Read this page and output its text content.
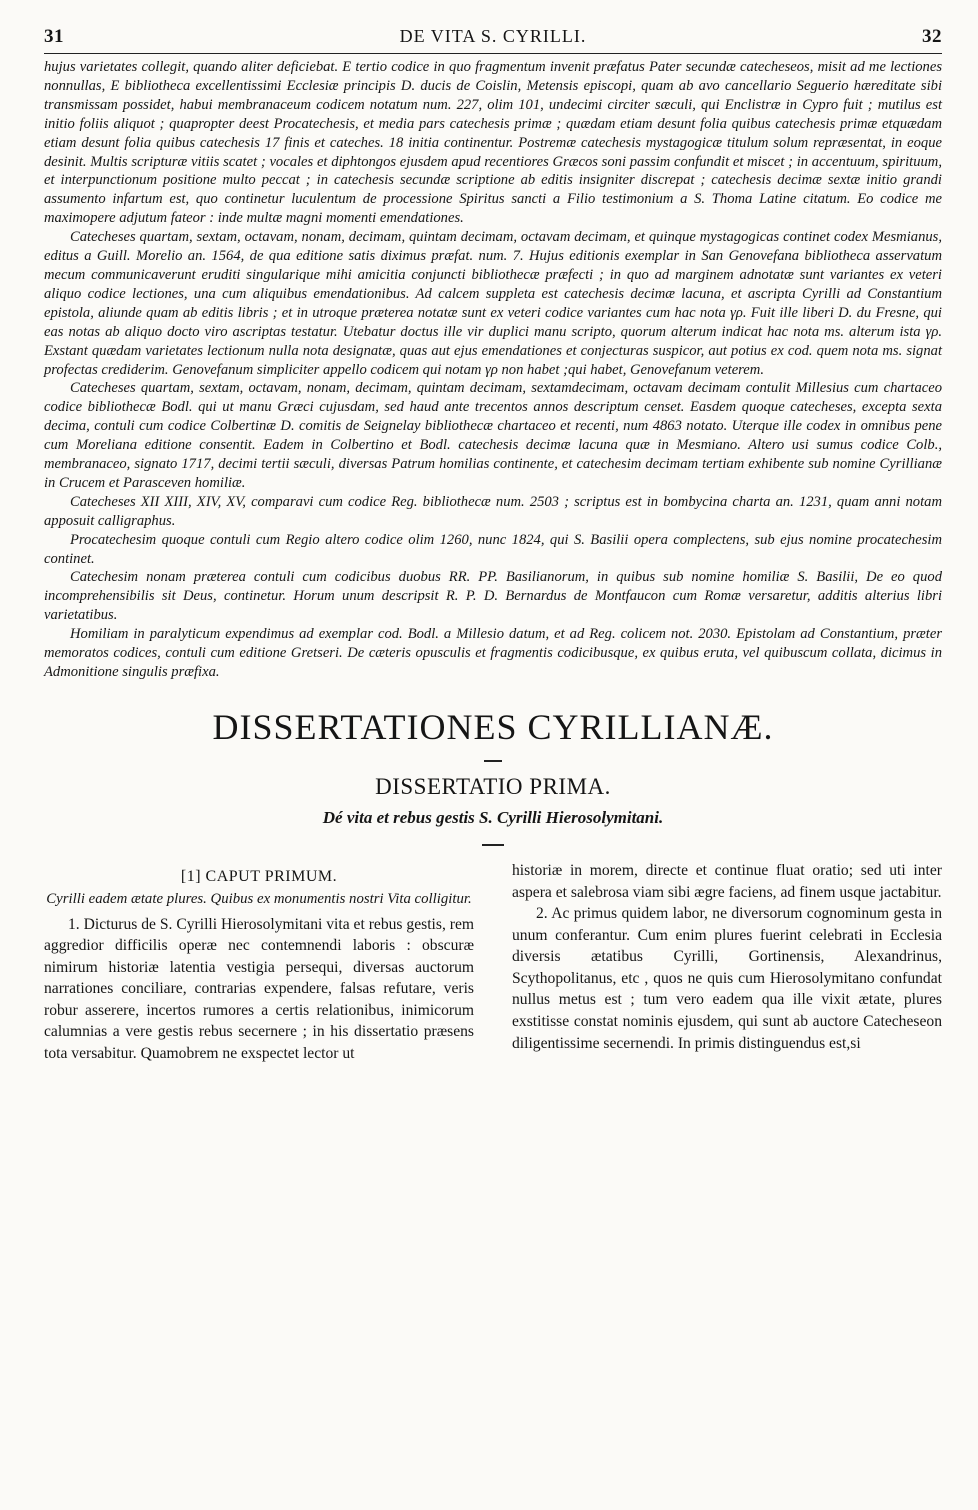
31	DE VITA S. CYRILLI.	32

hujus varietates collegit, quando aliter deficiebat. E tertio codice in quo fragmentum invenit præfatus Pater secundæ catecheseos, misit ad me lectiones nonnullas, E bibliotheca excellentissimi Ecclesiæ principis D. ducis de Coislin, Metensis episcopi, quam ab avo cancellario Seguerio hæreditate sibi transmissam possidet, habui membranaceum codicem notatum num. 227, olim 101, undecimi circiter sæculi, qui Enclistræ in Cypro fuit ; mutilus est initio foliis aliquot ; quapropter deest Procatechesis, et media pars catechesis primæ ; quædam etiam desunt folia quibus catechesis primæ etquædam etiam desunt folia quibus catechesis 17 finis et cateches. 18 initia continentur. Postremæ catechesis mystagogicæ titulum solum repræsentat, in eoque desinit. Multis scripturæ vitiis scatet ; vocales et diphtongos ejusdem apud recentiores Græcos soni passim confundit et miscet ; in accentuum, spirituum, et interpunctionum positione multo peccat ; in catechesis secundæ scriptione ab editis insigniter discrepat ; catechesis decimæ sextæ initio grandi assumento infartum est, quo continetur luculentum de processione Spiritus sancti a Filio testimonium a S. Thoma Latine citatum. Eo codice me maximopere adjutum fateor : inde multæ magni momenti emendationes.

Catecheses quartam, sextam, octavam, nonam, decimam, quintam decimam, octavam decimam, et quinque mystagogicas continet codex Mesmianus, editus a Guill. Morelio an. 1564, de qua editione satis diximus præfat. num. 7. Hujus editionis exemplar in San Genovefana bibliotheca asservatum mecum communicaverunt eruditi singularique mihi amicitia conjuncti bibliothecæ præfecti ; in quo ad marginem adnotatæ sunt variantes ex veteri aliquo codice lectiones, una cum aliquibus emendationibus. Ad calcem suppleta est catechesis decimæ lacuna, et ascripta Cyrilli ad Constantium epistola, aliunde quam ab editis libris ; et in utroque præterea notatæ sunt ex veteri codice variantes cum hac nota γρ. Fuit ille liberi D. du Fresne, qui eas notas ab aliquo docto viro ascriptas testatur. Utebatur doctus ille vir duplici manu scripto, quorum alterum indicat hac nota ms. alterum ista γρ. Exstant quædam varietates lectionum nulla nota designatæ, quas aut ejus emendationes et conjecturas suspicor, aut potius ex cod. quem nota ms. signat profectas crediderim. Genovefanum simpliciter appello codicem qui notam γρ non habet ;qui habet, Genovefanum veterem.

Catecheses quartam, sextam, octavam, nonam, decimam, quintam decimam, sextamdecimam, octavam decimam contulit Millesius cum chartaceo codice bibliothecæ Bodl. qui ut manu Græci cujusdam, sed haud ante trecentos annos descriptum censet. Easdem quoque catecheses, excepta sexta decima, contuli cum codice Colbertinæ D. comitis de Seignelay bibliothecæ chartaceo et recenti, num 4863 notato. Uterque ille codex in omnibus pene cum Moreliana editione consentit. Eadem in Colbertino et Bodl. catechesis decimæ lacuna quæ in Mesmiano. Altero usi sumus codice Colb., membranaceo, signato 1717, decimi tertii sæculi, diversas Patrum homilias continente, et catechesim decimam tertiam exhibente sub nomine Cyrillianæ in Crucem et Parasceven homiliæ.

Catecheses XII XIII, XIV, XV, comparavi cum codice Reg. bibliothecæ num. 2503 ; scriptus est in bombycina charta an. 1231, quam anni notam apposuit calligraphus.

Procatechesim quoque contuli cum Regio altero codice olim 1260, nunc 1824, qui S. Basilii opera complectens, sub ejus nomine procatechesim continet.

Catechesim nonam præterea contuli cum codicibus duobus RR. PP. Basilianorum, in quibus sub nomine homiliæ S. Basilii, De eo quod incomprehensibilis sit Deus, continetur. Horum unum descripsit R. P. D. Bernardus de Montfaucon cum Romæ versaretur, additis alterius libri varietatibus.

Homiliam in paralyticum expendimus ad exemplar cod. Bodl. a Millesio datum, et ad Reg. colicem not. 2030. Epistolam ad Constantium, præter memoratos codices, contuli cum editione Gretseri. De cæteris opusculis et fragmentis codicibusque, ex quibus eruta, vel quibuscum collata, dicimus in Admonitione singulis præfixa.

DISSERTATIONES CYRILLIANÆ.
DISSERTATIO PRIMA.
Dé vita et rebus gestis S. Cyrilli Hierosolymitani.
[1] CAPUT PRIMUM.
Cyrilli eadem ætate plures. Quibus ex monumentis nostri Vita colligitur.

1. Dicturus de S. Cyrilli Hierosolymitani vita et rebus gestis, rem aggredior difficilis operæ nec contemnendi laboris : obscuræ nimirum historiæ latentia vestigia persequi, diversas auctorum narrationes conciliare, contrarias expendere, falsas refutare, veris robur asserere, incertos rumores a certis relationibus, inimicorum calumnias a vere gestis rebus secernere ; in his dissertatio præsens tota versabitur. Quamobrem ne exspectet lector ut

historiæ in morem, directe et continue fluat oratio; sed uti inter aspera et salebrosa viam sibi ægre faciens, ad finem usque jactabitur.

2. Ac primus quidem labor, ne diversorum cognominum gesta in unum conferantur. Cum enim plures fuerint celebrati in Ecclesia diversis ætatibus Cyrilli, Gortinensis, Alexandrinus, Scythopolitanus, etc , quos ne quis cum Hierosolymitano confundat nullus metus est ; tum vero eadem qua ille vixit ætate, plures exstitisse constat nominis ejusdem, qui sunt ab auctore Catecheseon diligentissime secernendi. In primis distinguendus est,si
